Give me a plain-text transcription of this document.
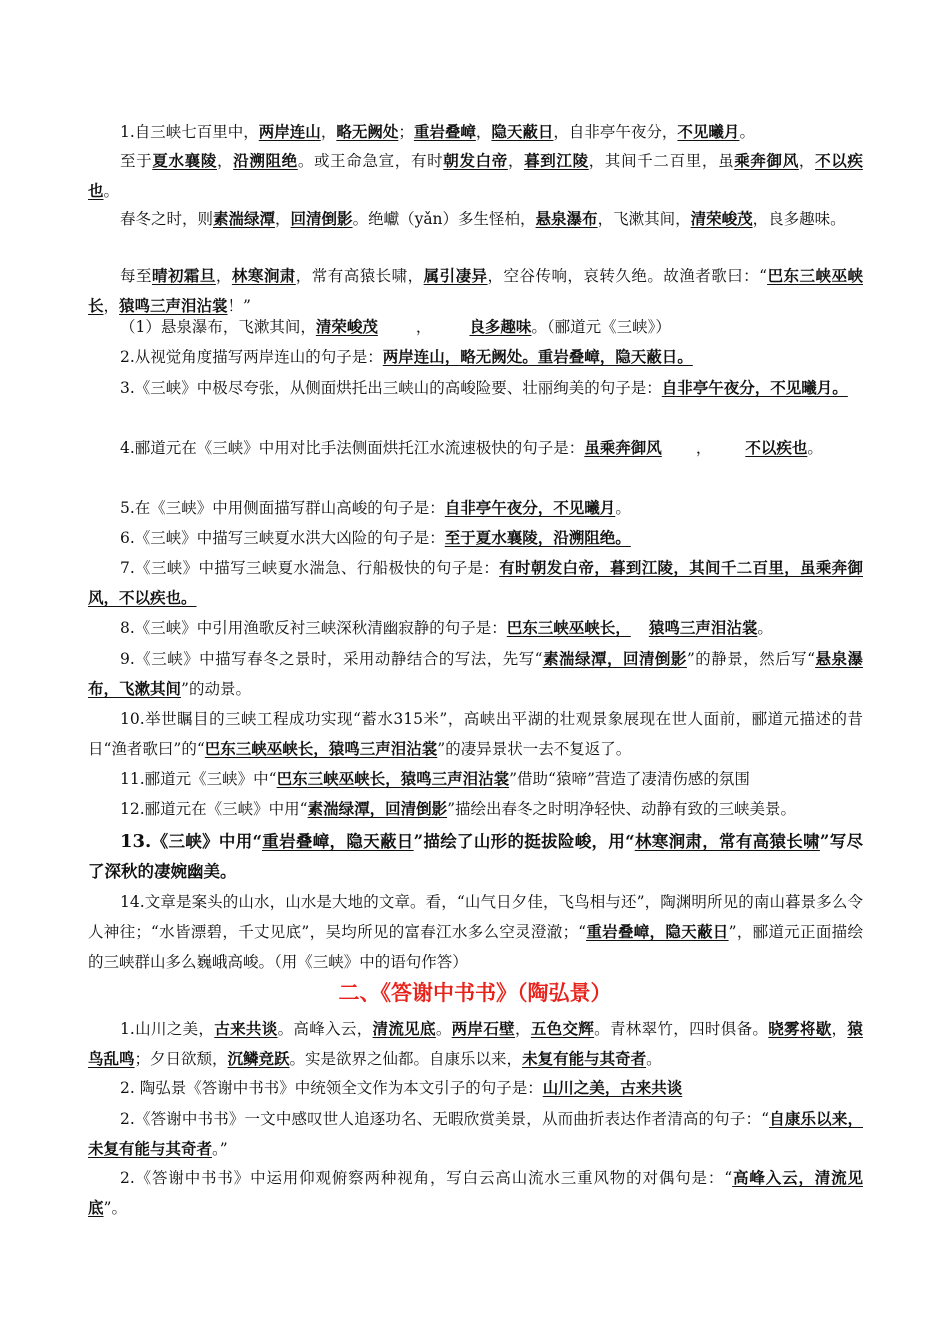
1.自三峡七百里中，两岸连山，略无阙处；重岩叠嶂，隐天蔽日，自非亭午夜分，不见曦月。
至于夏水襄陵，沿溯阻绝。或王命急宣，有时朝发白帝，暮到江陵，其间千二百里，虽乘奔御风，不以疾也。
春冬之时，则素湍绿潭，回清倒影。绝巘（yǎn）多生怪柏，悬泉瀑布，飞漱其间，清荣峻茂，良多趣味。
每至晴初霜旦，林寒涧肃，常有高猿长啸，属引凄异，空谷传响，哀转久绝。故渔者歌曰：“巴东三峡巫峡长，猿鸣三声泪沾裳！”
（1）悬泉瀑布，飞漱其间，清荣峻茂 ， 良多趣味。（郦道元《三峡》）
2.从视觉角度描写两岸连山的句子是：两岸连山，略无阙处。重岩叠嶂，隐天蔽日。
3.《三峡》中极尽夸张，从侧面烘托出三峡山的高峻险要、壮丽绚美的句子是：自非亭午夜分，不见曦月。
4.郦道元在《三峡》中用对比手法侧面烘托江水流速极快的句子是：虽乘奔御风 ， 不以疾也。
5.在《三峡》中用侧面描写群山高峻的句子是：自非亭午夜分，不见曦月。
6.《三峡》中描写三峡夏水洪大凶险的句子是：至于夏水襄陵，沿溯阻绝。
7.《三峡》中描写三峡夏水湍急、行船极快的句子是：有时朝发白帝，暮到江陵，其间千二百里，虽乘奔御风，不以疾也。
8.《三峡》中引用渔歌反衬三峡深秋清幽寂静的句子是：巴东三峡巫峡长， 猿鸣三声泪沾裳。
9.《三峡》中描写春冬之景时，采用动静结合的写法，先写“素湍绿潭，回清倒影”的静景，然后写“悬泉瀑布，飞漱其间”的动景。
10.举世瞩目的三峡工程成功实现“蓄水315米”，高峡出平湖的壮观景象展现在世人面前，郦道元描述的昔日“渔者歌曰”的“巴东三峡巫峡长，猿鸣三声泪沾裳”的凄异景状一去不复返了。
11.郦道元《三峡》中“巴东三峡巫峡长，猿鸣三声泪沾裳”借助“猿啼”营造了凄清伤感的氛围
12.郦道元在《三峡》中用“素湍绿潭，回清倒影”描绘出春冬之时明净轻快、动静有致的三峡美景。
13.《三峡》中用“重岩叠嶂，隐天蔽日”描绘了山形的挺拔险峻，用“林寒涧肃，常有高猿长啸”写尽了深秋的凄婉幽美。
14.文章是案头的山水，山水是大地的文章。看，“山气日夕佳，飞鸟相与还”，陶渊明所见的南山暮景多么令人神往；“水皆漂碧，千丈见底”，吴均所见的富春江水多么空灵澄澈；“重岩叠嶂，隐天蔽日”，郦道元正面描绘的三峡群山多么巍峨高峻。（用《三峡》中的语句作答）
二、《答谢中书书》（陶弘景）
1.山川之美，古来共谈。高峰入云，清流见底。两岸石壁，五色交辉。青林翠竹，四时俱备。晓雾将歇，猿鸟乱鸣；夕日欲颓，沉鳞竞跃。实是欲界之仙都。自康乐以来，未复有能与其奇者。
2. 陶弘景《答谢中书书》中统领全文作为本文引子的句子是：山川之美，古来共谈
2.《答谢中书书》一文中感叹世人追逐功名、无暇欣赏美景，从而曲折表达作者清高的句子：“自康乐以来，未复有能与其奇者。”
2.《答谢中书书》中运用仰观俯察两种视角，写白云高山流水三重风物的对偶句是：“高峰入云，清流见底”。
